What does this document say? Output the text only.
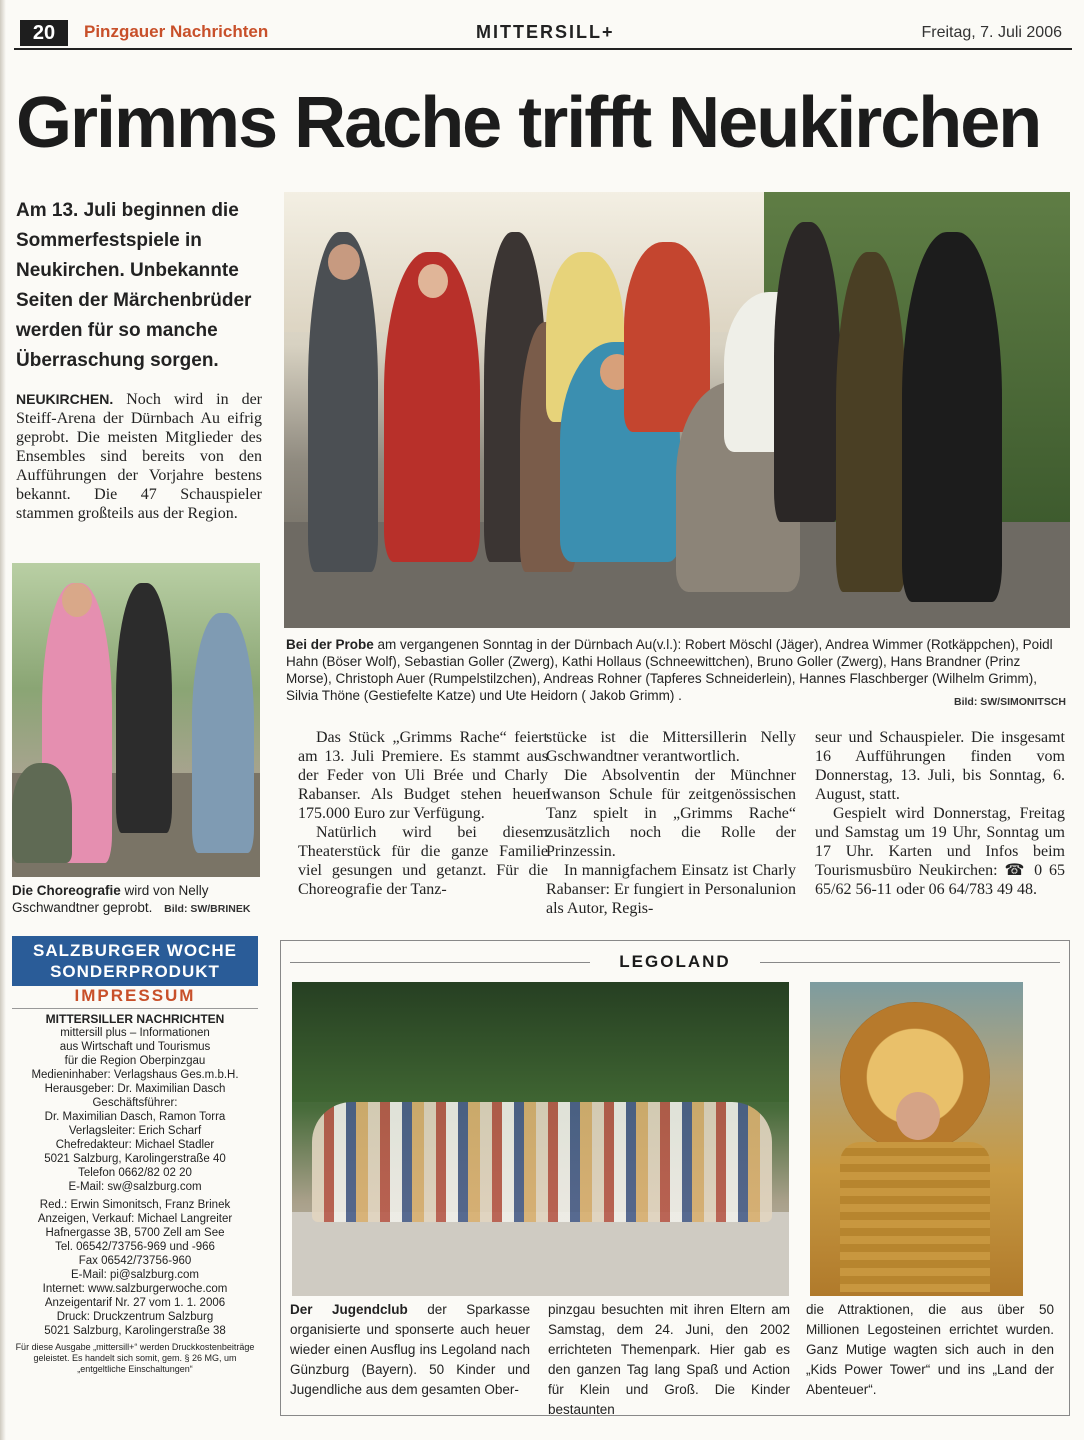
20	Pinzgauer Nachrichten	MITTERSILL+	Freitag, 7. Juli 2006
Grimms Rache trifft Neukirchen
Am 13. Juli beginnen die Sommerfestspiele in Neukirchen. Unbekannte Seiten der Märchenbrüder werden für so manche Überraschung sorgen.
NEUKIRCHEN. Noch wird in der Steiff-Arena der Dürnbach Au eifrig geprobt. Die meisten Mitglieder des Ensembles sind bereits von den Aufführungen der Vorjahre bestens bekannt. Die 47 Schauspieler stammen großteils aus der Region.
Bei der Probe am vergangenen Sonntag in der Dürnbach Au(v.l.): Robert Möschl (Jäger), Andrea Wimmer (Rotkäppchen), Poidl Hahn (Böser Wolf), Sebastian Goller (Zwerg), Kathi Hollaus (Schneewittchen), Bruno Goller (Zwerg), Hans Brandner (Prinz Morse), Christoph Auer (Rumpelstilzchen), Andreas Rohner (Tapferes Schneiderlein), Hannes Flaschberger (Wilhelm Grimm), Silvia Thöne (Gestiefelte Katze) und Ute Heidorn ( Jakob Grimm) .	Bild: SW/SIMONITSCH
Die Choreografie wird von Nelly Gschwandtner geprobt. Bild: SW/BRINEK

Das Stück „Grimms Rache“ feiert am 13. Juli Premiere. Es stammt aus der Feder von Uli Brée und Charly Rabanser. Als Budget stehen heuer 175.000 Euro zur Verfügung.

Natürlich wird bei diesem Theaterstück für die ganze Familie viel gesungen und getanzt. Für die Choreografie der Tanz-

stücke ist die Mittersillerin Nelly Gschwandtner verantwortlich.

Die Absolventin der Münchner Iwanson Schule für zeitgenössischen Tanz spielt in „Grimms Rache“ zusätzlich noch die Rolle der Prinzessin.

In mannigfachem Einsatz ist Charly Rabanser: Er fungiert in Personalunion als Autor, Regis-

seur und Schauspieler. Die insgesamt 16 Aufführungen finden vom Donnerstag, 13. Juli, bis Sonntag, 6. August, statt.

Gespielt wird Donnerstag, Freitag und Samstag um 19 Uhr, Sonntag um 17 Uhr. Karten und Infos beim Tourismusbüro Neukirchen: ☎ 0 65 65/62 56-11 oder 06 64/783 49 48.

SALZBURGER WOCHE
SONDERPRODUKT
IMPRESSUM
MITTERSILLER NACHRICHTEN
mittersill plus – Informationen
aus Wirtschaft und Tourismus
für die Region Oberpinzgau
Medieninhaber: Verlagshaus Ges.m.b.H.
Herausgeber: Dr. Maximilian Dasch
Geschäftsführer:
Dr. Maximilian Dasch, Ramon Torra
Verlagsleiter: Erich Scharf
Chefredakteur: Michael Stadler
5021 Salzburg, Karolingerstraße 40
Telefon 0662/82 02 20
E-Mail: sw@salzburg.com
Red.: Erwin Simonitsch, Franz Brinek
Anzeigen, Verkauf: Michael Langreiter
Hafnergasse 3B, 5700 Zell am See
Tel. 06542/73756-969 und -966
Fax 06542/73756-960
E-Mail: pi@salzburg.com
Internet: www.salzburgerwoche.com
Anzeigentarif Nr. 27 vom 1. 1. 2006
Druck: Druckzentrum Salzburg
5021 Salzburg, Karolingerstraße 38
Für diese Ausgabe „mittersill+“ werden Druckkostenbeiträge geleistet. Es handelt sich somit, gem. § 26 MG, um „entgeltliche Einschaltungen“
LEGOLAND
Der Jugendclub der Sparkasse organisierte und sponserte auch heuer wieder einen Ausflug ins Legoland nach Günzburg (Bayern). 50 Kinder und Jugendliche aus dem gesamten Ober-
pinzgau besuchten mit ihren Eltern am Samstag, dem 24. Juni, den 2002 errichteten Themenpark. Hier gab es den ganzen Tag lang Spaß und Action für Klein und Groß. Die Kinder bestaunten
die Attraktionen, die aus über 50 Millionen Legosteinen errichtet wurden. Ganz Mutige wagten sich auch in den „Kids Power Tower“ und ins „Land der Abenteuer“.
